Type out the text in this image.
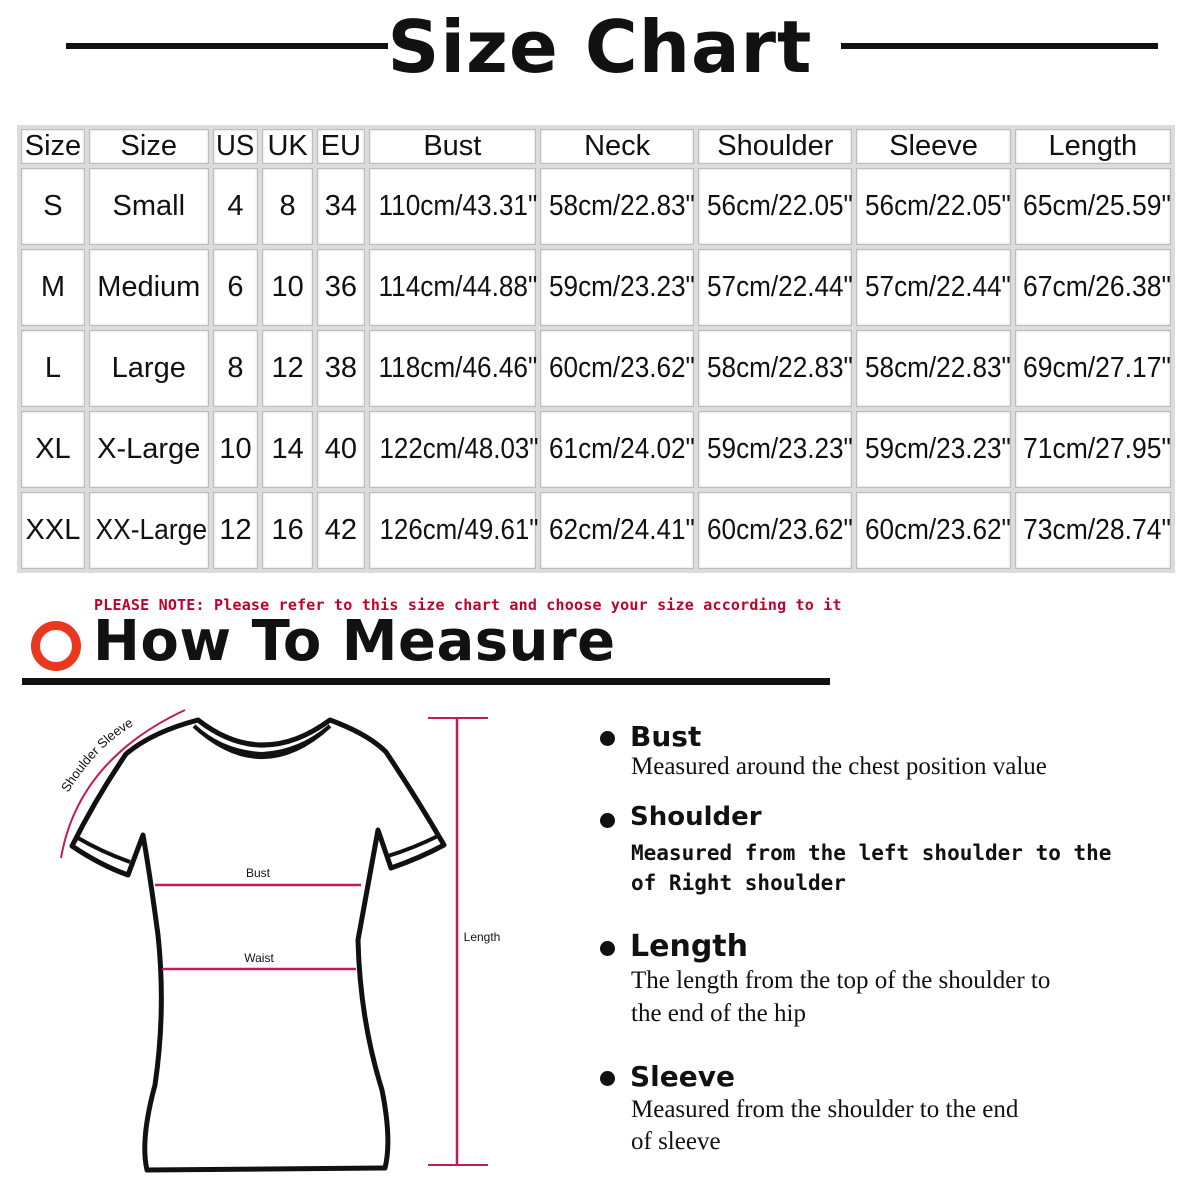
Size Chart
Size	Size	US	UK	EU	Bust	Neck	Shoulder	Sleeve	Length
S	Small	4	8	34	110cm/43.31"	58cm/22.83"	56cm/22.05"	56cm/22.05"	65cm/25.59"
M	Medium	6	10	36	114cm/44.88"	59cm/23.23"	57cm/22.44"	57cm/22.44"	67cm/26.38"
L	Large	8	12	38	118cm/46.46"	60cm/23.62"	58cm/22.83"	58cm/22.83"	69cm/27.17"
XL	X-Large	10	14	40	122cm/48.03"	61cm/24.02"	59cm/23.23"	59cm/23.23"	71cm/27.95"
XXL	XX-Large	12	16	42	126cm/49.61"	62cm/24.41"	60cm/23.62"	60cm/23.62"	73cm/28.74"
PLEASE NOTE: Please refer to this size chart and choose your size according to it
How To Measure
Shoulder Sleeve
Bust
Waist
Length
Bust
Measured around the chest position value
Shoulder
Measured from the left shoulder to the
of Right shoulder
Length
The length from the top of the shoulder to
the end of the hip
Sleeve
Measured from the shoulder to the end
of sleeve
